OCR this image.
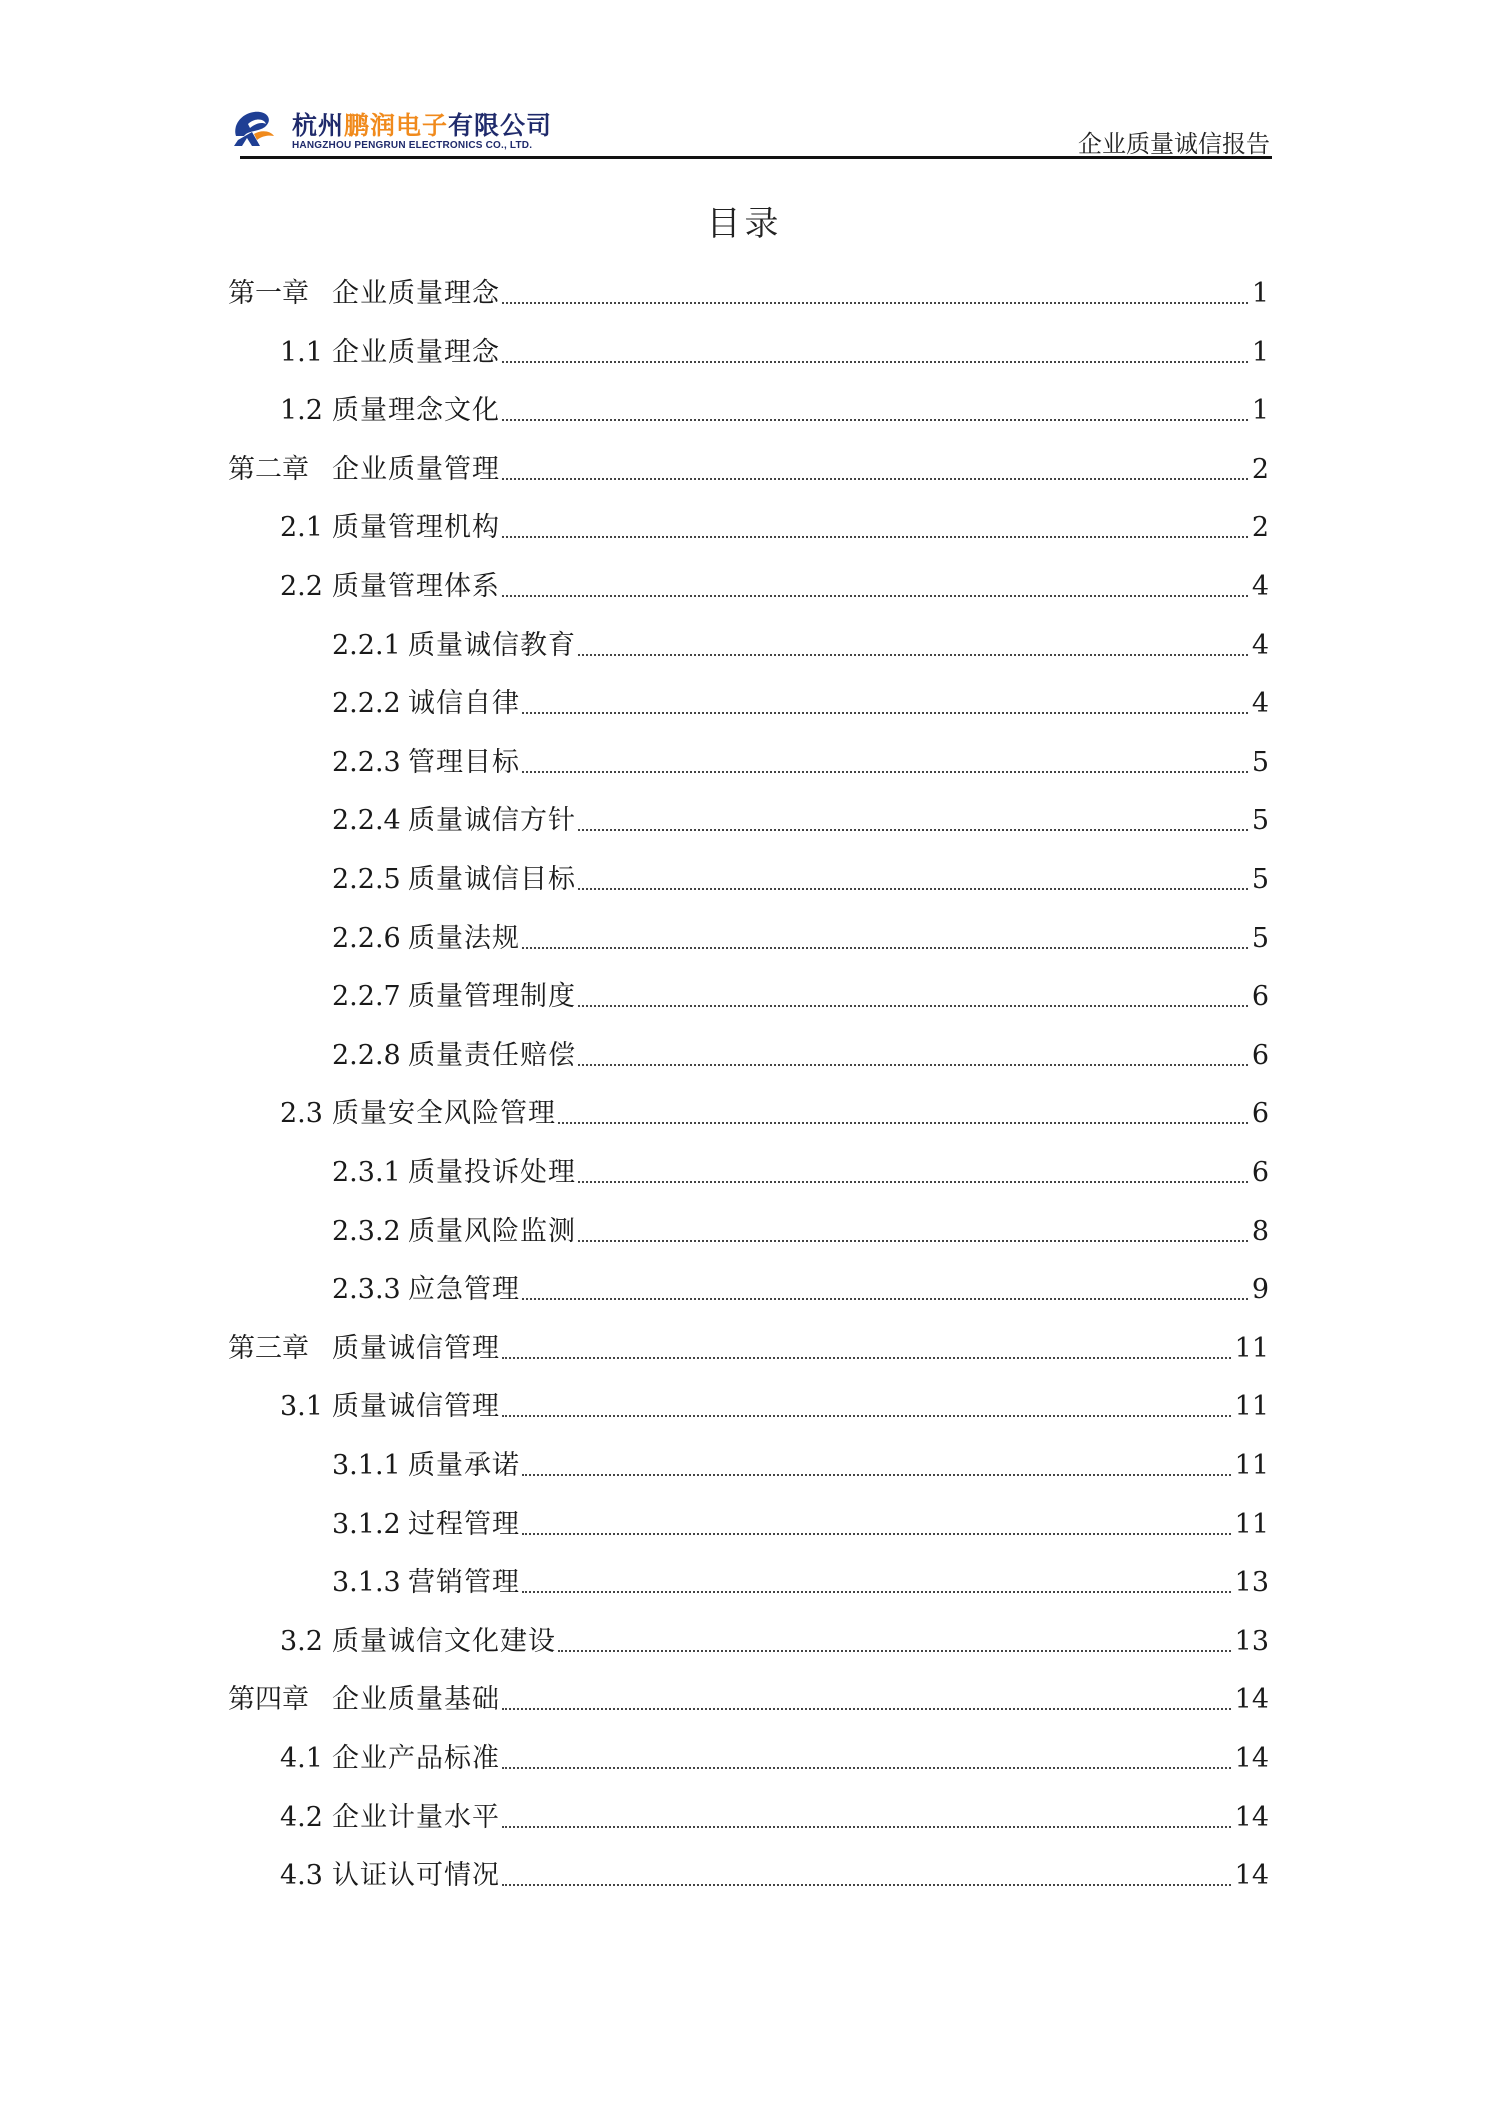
杭州鹏润电子有限公司
HANGZHOU PENGRUN ELECTRONICS CO., LTD.	企业质量诚信报告
目录
第一章 企业质量理念	1
1.1 企业质量理念	1
1.2 质量理念文化	1
第二章 企业质量管理	2
2.1 质量管理机构	2
2.2 质量管理体系	4
2.2.1 质量诚信教育	4
2.2.2 诚信自律	4
2.2.3 管理目标	5
2.2.4 质量诚信方针	5
2.2.5 质量诚信目标	5
2.2.6 质量法规	5
2.2.7 质量管理制度	6
2.2.8 质量责任赔偿	6
2.3 质量安全风险管理	6
2.3.1 质量投诉处理	6
2.3.2 质量风险监测	8
2.3.3 应急管理	9
第三章 质量诚信管理	11
3.1 质量诚信管理	11
3.1.1 质量承诺	11
3.1.2 过程管理	11
3.1.3 营销管理	13
3.2 质量诚信文化建设	13
第四章 企业质量基础	14
4.1 企业产品标准	14
4.2 企业计量水平	14
4.3 认证认可情况	14
